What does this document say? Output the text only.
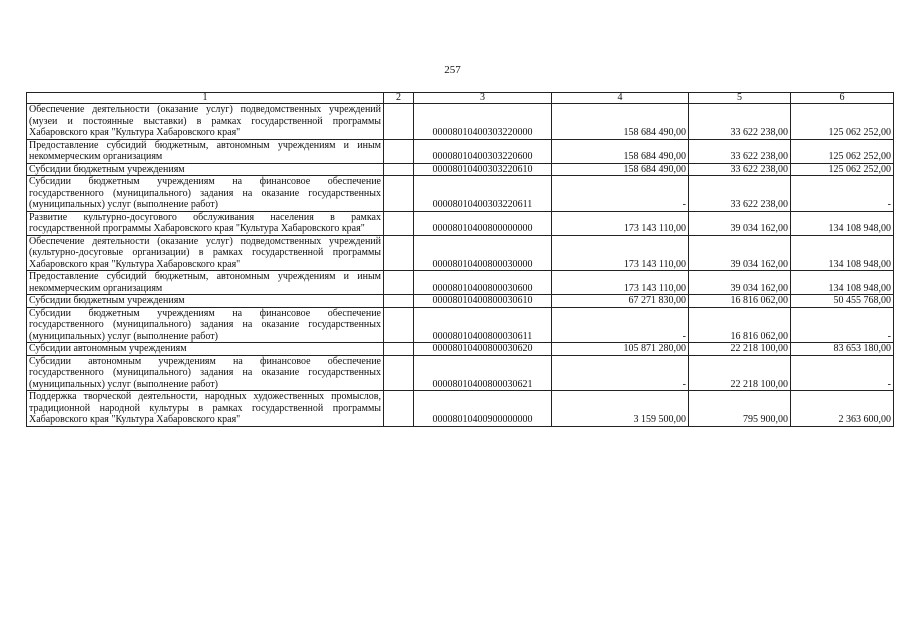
257
1	2	3	4	5	6
Обеспечение деятельности (оказание услуг) подведомственных учреждений (музеи и постоянные выставки) в рамках государственной программы Хабаровского края "Культура Хабаровского края"		00008010400303220000	158 684 490,00	33 622 238,00	125 062 252,00
Предоставление субсидий бюджетным, автономным учреждениям и иным некоммерческим организациям		00008010400303220600	158 684 490,00	33 622 238,00	125 062 252,00
Субсидии бюджетным учреждениям		00008010400303220610	158 684 490,00	33 622 238,00	125 062 252,00
Субсидии бюджетным учреждениям на финансовое обеспечение государственного (муниципального) задания на оказание государственных (муниципальных) услуг (выполнение работ)		00008010400303220611	-	33 622 238,00	-
Развитие культурно-досугового обслуживания населения в рамках государственной программы Хабаровского края "Культура Хабаровского края"		00008010400800000000	173 143 110,00	39 034 162,00	134 108 948,00
Обеспечение деятельности (оказание услуг) подведомственных учреждений (культурно-досуговые организации) в рамках государственной программы Хабаровского края "Культура Хабаровского края"		00008010400800030000	173 143 110,00	39 034 162,00	134 108 948,00
Предоставление субсидий бюджетным, автономным учреждениям и иным некоммерческим организациям		00008010400800030600	173 143 110,00	39 034 162,00	134 108 948,00
Субсидии бюджетным учреждениям		00008010400800030610	67 271 830,00	16 816 062,00	50 455 768,00
Субсидии бюджетным учреждениям на финансовое обеспечение государственного (муниципального) задания на оказание государственных (муниципальных) услуг (выполнение работ)		00008010400800030611	-	16 816 062,00	-
Субсидии автономным учреждениям		00008010400800030620	105 871 280,00	22 218 100,00	83 653 180,00
Субсидии автономным учреждениям на финансовое обеспечение государственного (муниципального) задания на оказание государственных (муниципальных) услуг (выполнение работ)		00008010400800030621	-	22 218 100,00	-
Поддержка творческой деятельности, народных художественных промыслов, традиционной народной культуры в рамках государственной программы Хабаровского края "Культура Хабаровского края"		00008010400900000000	3 159 500,00	795 900,00	2 363 600,00
